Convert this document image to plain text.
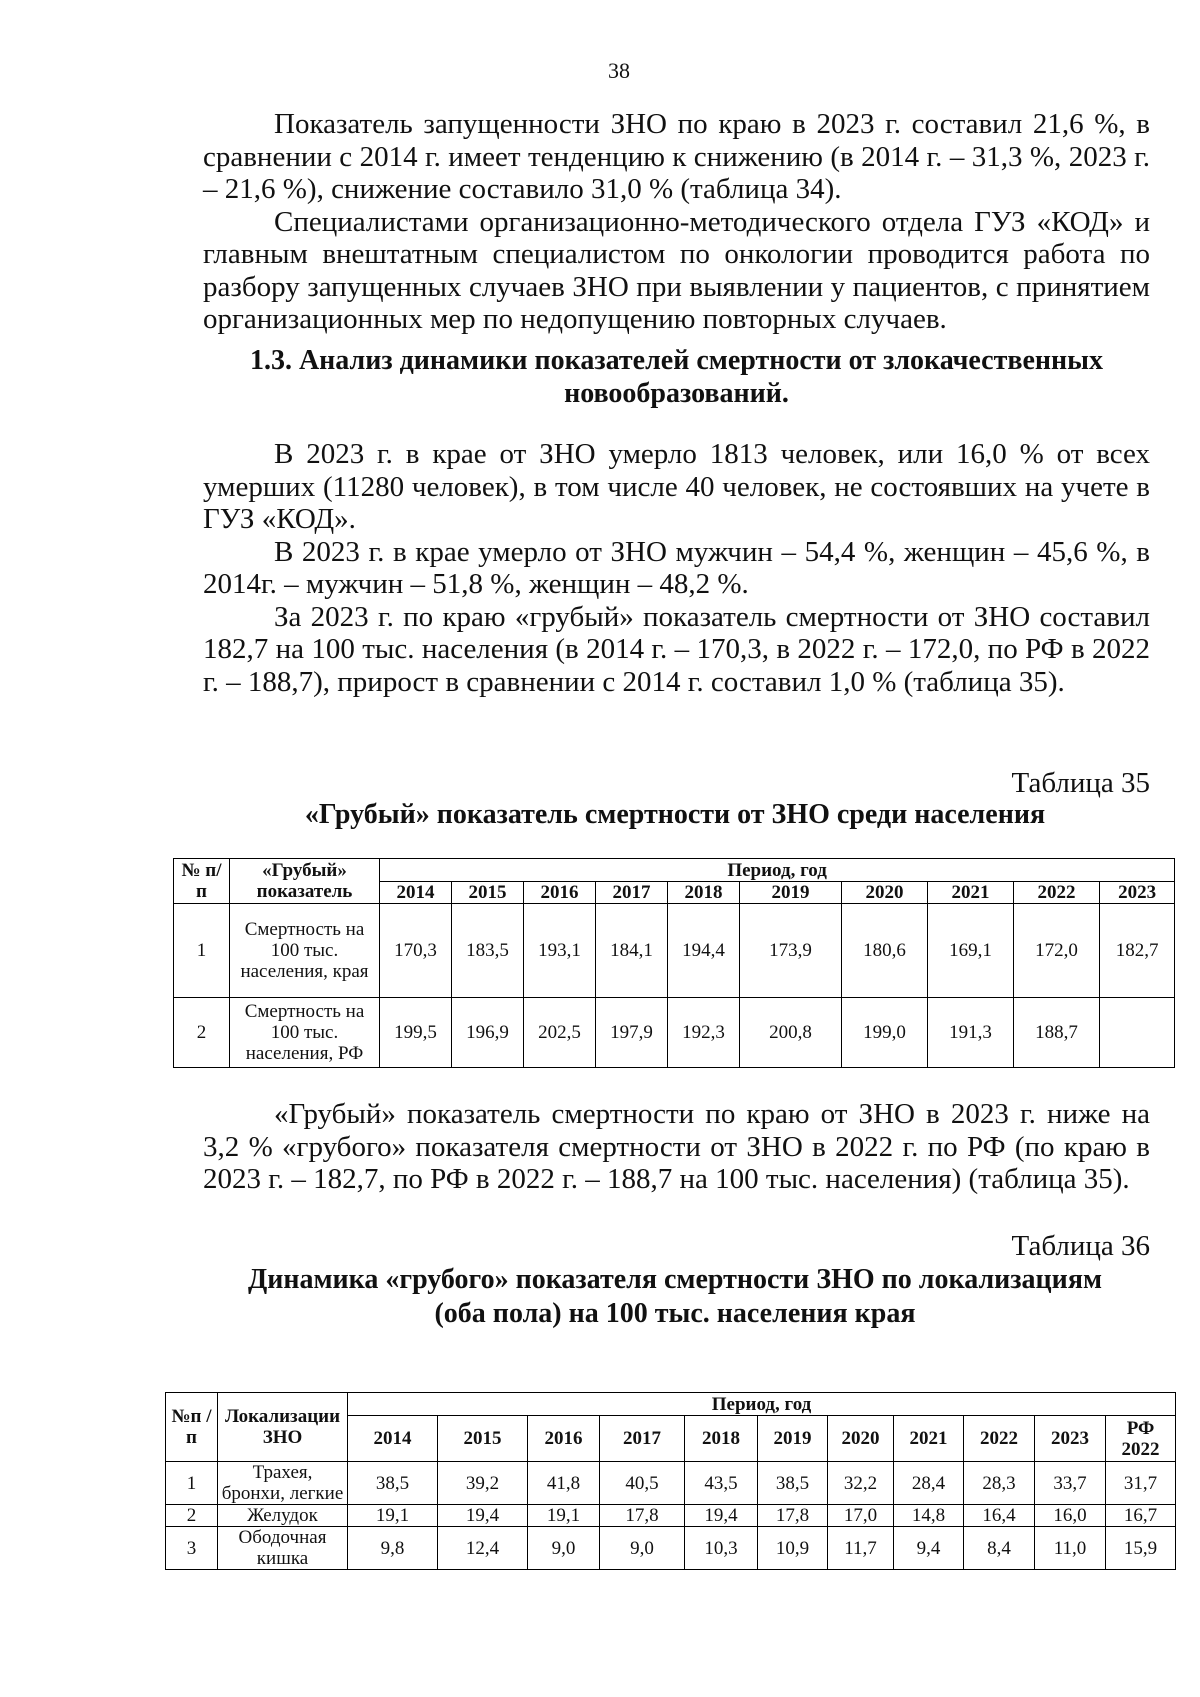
38

Показатель запущенности ЗНО по краю в 2023 г. составил 21,6 %, в сравнении с 2014 г. имеет тенденцию к снижению (в 2014 г. – 31,3 %, 2023 г. – 21,6 %), снижение составило 31,0 % (таблица 34).

Специалистами организационно-методического отдела ГУЗ «КОД» и главным внештатным специалистом по онкологии проводится работа по разбору запущенных случаев ЗНО при выявлении у пациентов, с принятием организационных мер по недопущению повторных случаев.

1.3. Анализ динамики показателей смертности от злокачественных
новообразований.

В 2023 г. в крае от ЗНО умерло 1813 человек, или 16,0 % от всех умерших (11280 человек), в том числе 40 человек, не состоявших на учете в ГУЗ «КОД».

В 2023 г. в крае умерло от ЗНО мужчин – 54,4 %, женщин – 45,6 %, в 2014г. – мужчин – 51,8 %, женщин – 48,2 %.

За 2023 г. по краю «грубый» показатель смертности от ЗНО составил 182,7 на 100 тыс. населения (в 2014 г. – 170,3, в 2022 г. – 172,0, по РФ в 2022 г. – 188,7), прирост в сравнении с 2014 г. составил 1,0 % (таблица 35).

Таблица 35
«Грубый» показатель смертности от ЗНО среди населения
№ п/п	«Грубый» показатель	Период, год									
		2014	2015	2016	2017	2018	2019	2020	2021	2022	2023
1	Смертность на 100 тыс. населения, края	170,3	183,5	193,1	184,1	194,4	173,9	180,6	169,1	172,0	182,7
2	Смертность на 100 тыс. населения, РФ	199,5	196,9	202,5	197,9	192,3	200,8	199,0	191,3	188,7	

«Грубый» показатель смертности по краю от ЗНО в 2023 г. ниже на 3,2 % «грубого» показателя смертности от ЗНО в 2022 г. по РФ (по краю в 2023 г. – 182,7, по РФ в 2022 г. – 188,7 на 100 тыс. населения) (таблица 35).

Таблица 36
Динамика «грубого» показателя смертности ЗНО по локализациям
(оба пола) на 100 тыс. населения края
№п /п	Локализации ЗНО	Период, год										
		2014	2015	2016	2017	2018	2019	2020	2021	2022	2023	РФ 2022
1	Трахея, бронхи, легкие	38,5	39,2	41,8	40,5	43,5	38,5	32,2	28,4	28,3	33,7	31,7
2	Желудок	19,1	19,4	19,1	17,8	19,4	17,8	17,0	14,8	16,4	16,0	16,7
3	Ободочная кишка	9,8	12,4	9,0	9,0	10,3	10,9	11,7	9,4	8,4	11,0	15,9
